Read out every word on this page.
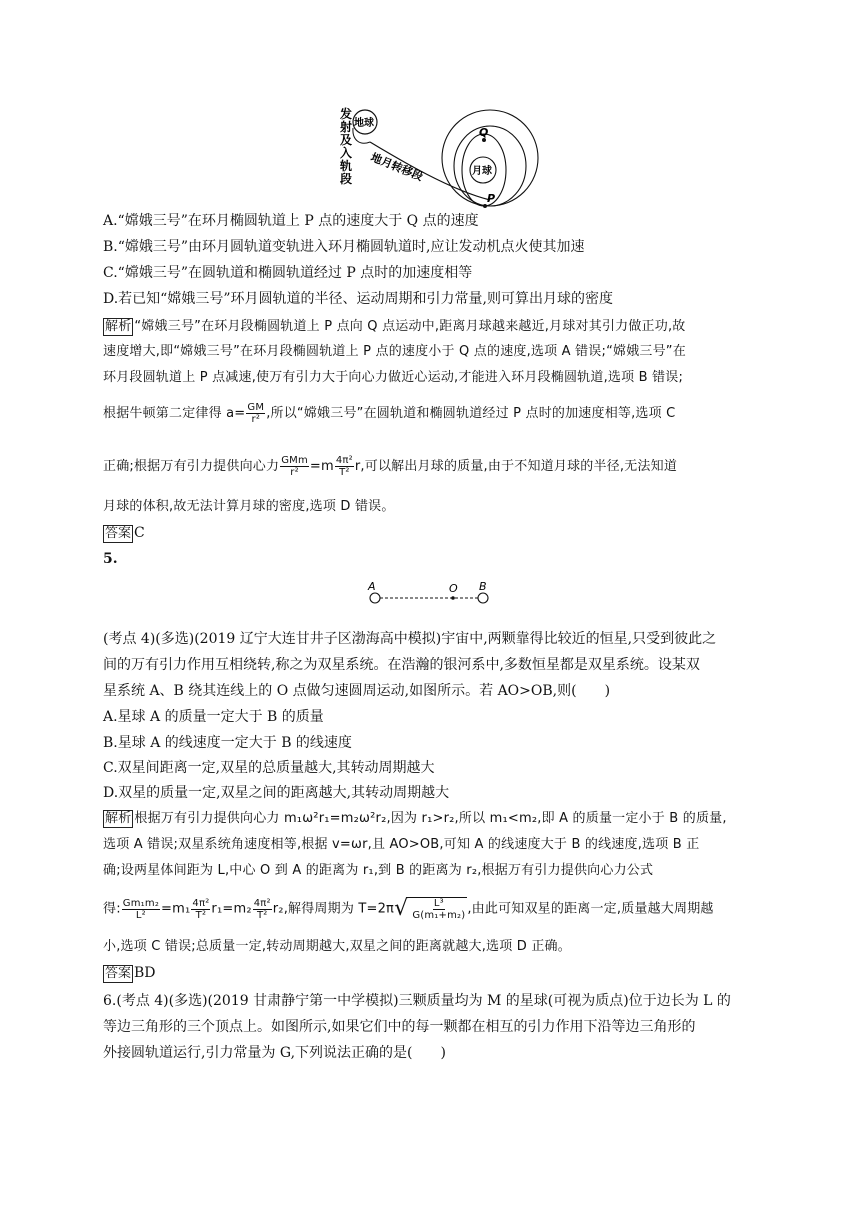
发
射
及
入
轨
段
地球
地月转移段	月球
Q
P
A.“嫦娥三号”在环月椭圆轨道上 P 点的速度大于 Q 点的速度
B.“嫦娥三号”由环月圆轨道变轨进入环月椭圆轨道时,应让发动机点火使其加速
C.“嫦娥三号”在圆轨道和椭圆轨道经过 P 点时的加速度相等
D.若已知“嫦娥三号”环月圆轨道的半径、运动周期和引力常量,则可算出月球的密度
解析 “嫦娥三号”在环月段椭圆轨道上 P 点向 Q 点运动中,距离月球越来越近,月球对其引力做正功,故
速度增大,即“嫦娥三号”在环月段椭圆轨道上 P 点的速度小于 Q 点的速度,选项 A 错误;“嫦娥三号”在
环月段圆轨道上 P 点减速,使万有引力大于向心力做近心运动,才能进入环月段椭圆轨道,选项 B 错误;
根据牛顿第二定律得 $a= \frac{GM}{\text{r²}}$ ,所以“嫦娥三号”在圆轨道和椭圆轨道经过 P 点时的加速度相等,选项 C
正确;根据万有引力提供向心力 $\frac{\text{GMm}}{\text{r²}} =m \frac{\text{4π²}}{\text{T²}} r$,可以解出月球的质量,由于不知道月球的半径,无法知道
月球的体积,故无法计算月球的密度,选项 D 错误。
答案 C
5.
A	O B
(考点 4)(多选)(2019 辽宁大连甘井子区渤海高中模拟)宇宙中,两颗靠得比较近的恒星,只受到彼此之
间的万有引力作用互相绕转,称之为双星系统。在浩瀚的银河系中,多数恒星都是双星系统。设某双
星系统 A、B 绕其连线上的 O 点做匀速圆周运动,如图所示。若 AO>OB,则(　　)
A.星球 A 的质量一定大于 B 的质量
B.星球 A 的线速度一定大于 B 的线速度
C.双星间距离一定,双星的总质量越大,其转动周期越大
D.双星的质量一定,双星之间的距离越大,其转动周期越大
解析 根据万有引力提供向心力 m₁ω²r₁=m₂ω²r₂,因为 r₁>r₂,所以 m₁<m₂,即 A 的质量一定小于 B 的质量,
选项 A 错误;双星系统角速度相等,根据 v=ωr,且 AO>OB,可知 A 的线速度大于 B 的线速度,选项 B 正
确;设两星体间距为 L,中心 O 到 A 的距离为 r₁,到 B 的距离为 r₂,根据万有引力提供向心力公式
得: $\frac{\text{Gm₁m₂}}{\text{L²}} =m_1 \frac{\text{4π²}}{\text{T²}} r_1=m_2 \frac{\text{4π²}}{\text{T²}} r_2$,解得周期为 T=2π √ $\frac{\text{L³}}{\text{G(m₁+m₂)}}$ ,由此可知双星的距离一定,质量越大周期越
小,选项 C 错误;总质量一定,转动周期越大,双星之间的距离就越大,选项 D 正确。
答案 BD
6.(考点 4)(多选)(2019 甘肃静宁第一中学模拟)三颗质量均为 M 的星球(可视为质点)位于边长为 L 的
等边三角形的三个顶点上。如图所示,如果它们中的每一颗都在相互的引力作用下沿等边三角形的
外接圆轨道运行,引力常量为 G,下列说法正确的是(　　)
